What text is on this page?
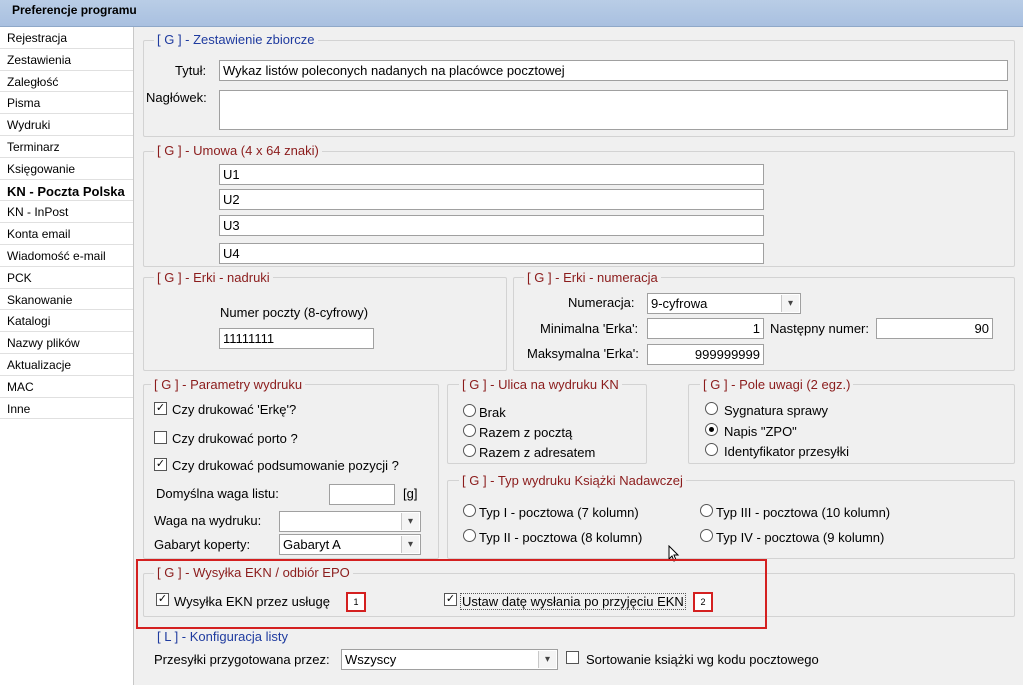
Preferencje programu
Rejestracja
Zestawienia
Zaległość
Pisma
Wydruki
Terminarz
Księgowanie
KN - Poczta Polska
KN - InPost
Konta email
Wiadomość e-mail
PCK
Skanowanie
Katalogi
Nazwy plików
Aktualizacje
MAC
Inne
[ G ] - Zestawienie zbiorcze
Tytuł:	Wykaz listów poleconych nadanych na placówce pocztowej
Nagłówek:
[ G ] - Umowa (4 x 64 znaki)
U1
U2
U3
U4
[ G ] - Erki - nadruki
Numer poczty (8-cyfrowy)
11111111
[ G ] - Erki - numeracja
Numeracja:	9-cyfrowa	▾
Minimalna 'Erka':	1 Następny numer:	90
Maksymalna 'Erka':	999999999
[ G ] - Parametry wydruku
✓ Czy drukować 'Erkę'?
Czy drukować porto ?
✓ Czy drukować podsumowanie pozycji ?
Domyślna waga listu:	[g]
Waga na wydruku:	▾
Gabaryt koperty:	Gabaryt A	▾
[ G ] - Ulica na wydruku KN
Brak
Razem z pocztą
Razem z adresatem
[ G ] - Pole uwagi (2 egz.)
Sygnatura sprawy
Napis "ZPO"
Identyfikator przesyłki
[ G ] - Typ wydruku Książki Nadawczej
Typ I - pocztowa (7 kolumn)	Typ III - pocztowa (10 kolumn)
Typ II - pocztowa (8 kolumn)	Typ IV - pocztowa (9 kolumn)
[ G ] - Wysyłka EKN / odbiór EPO
✓ Wysyłka EKN przez usługę	1	✓ Ustaw datę wysłania po przyjęciu EKN	2
[ L ] - Konfiguracja listy
Przesyłki przygotowana przez:	Wszyscy	▾	Sortowanie książki wg kodu pocztowego
